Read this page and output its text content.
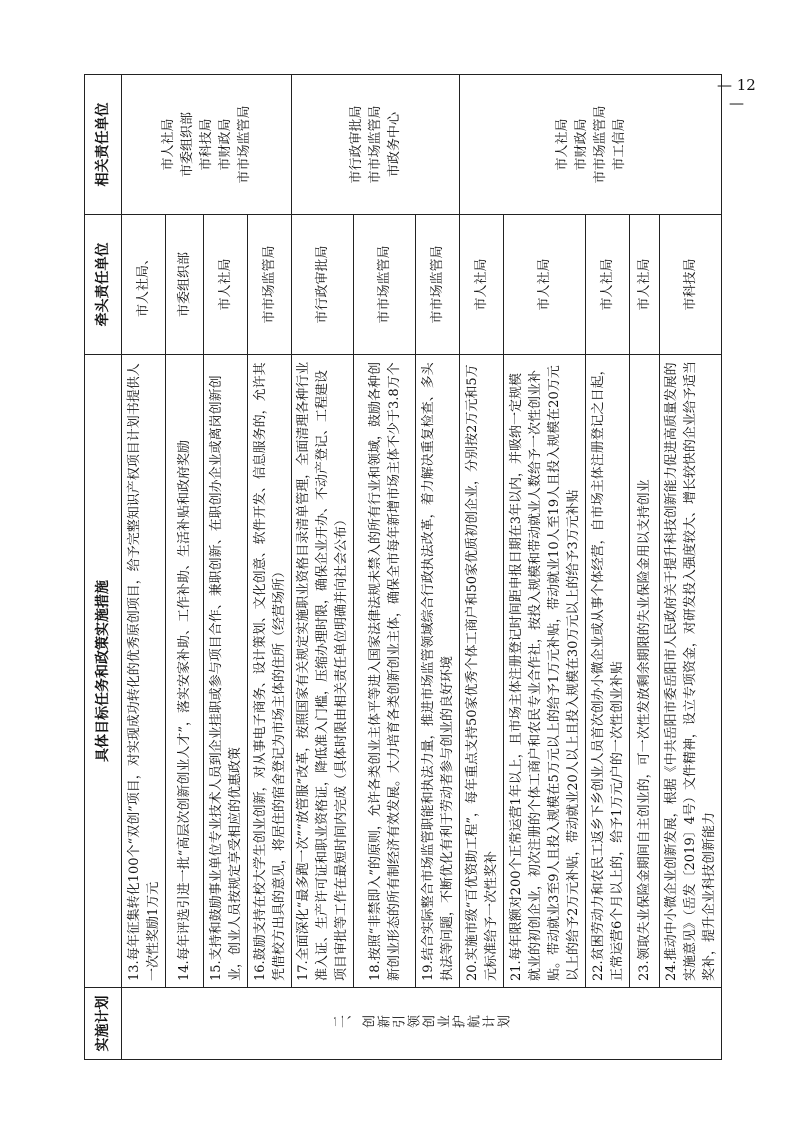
实施计划	具体目标任务和政策实施措施	牵头责任单位	相关责任单位
二、创新引领创业护航计划	13.每年征集转化100个“双创”项目，对实现成功转化的优秀原创项目，给予完整知识产权项目计划书提供人一次性奖励1万元	市人社局、	市人社局 市委组织部 市科技局 市财政局 市市场监管局

	14.每年评选引进一批“高层次创新创业人才”，落实安家补助、工作补助、生活补贴和政府奖励	市委组织部	
	15.支持和鼓励事业单位专业技术人员到企业挂职或参与项目合作、兼职创新、在职创办企业或离岗创新创业，创业人员按规定享受相应的优惠政策	市人社局	
	16.鼓励支持在校大学生创业创新，对从事电子商务、设计策划、文化创意、软件开发、信息服务的，允许其凭借校方出具的意见，将居住的宿舍登记为市场主体的住所（经营场所）	市市场监管局	
	17.全面深化“最多跑一次”“放管服”改革，按照国家有关规定实施职业资格目录清单管理，全面清理各种行业准入证、生产许可证和职业资格证，降低准入门槛，压缩办理时限，确保企业开办、不动产登记、工程建设项目审批等工作在最短时间内完成（具体时限由相关责任单位明确并向社会公布）	市行政审批局	市行政审批局 市市场监管局 市政务中心

	18.按照“非禁即入”的原则，允许各类创业主体平等进入国家法律法规未禁入的所有行业和领域，鼓励各种创新创业形态的所有制经济有效发展。大力培育各类创新创业主体，确保全市每年新增市场主体不少于3.8万个	市市场监管局	
	19.结合实际整合市场监管职能和执法力量，推进市场监管领域综合行政执法改革，着力解决重复检查、多头执法等问题，不断优化有利于劳动者参与创业的良好环境	市市场监管局	
	20.实施市级“百优资助工程”，每年重点支持50家优秀个体工商户和50家优质初创企业，分别按2万元和5万元标准给予一次性奖补	市人社局	市人社局 市财政局 市市场监管局 市工信局

	21.每年限额对200个正常运营1年以上，且市场主体注册登记时间距申报日期在3年以内，并吸纳一定规模就业的初创企业，初次注册的个体工商户和农民专业合作社，按投入规模和带动就业人数给予一次性创业补贴。带动就业3至9人且投入规模在5万元以上的给予1万元补贴，带动就业10人至19人且投入规模在20万元以上的给予2万元补贴，带动就业20人以上且投入规模在30万元以上的给予3万元补贴	市人社局	
	22.贫困劳动力和农民工返乡下乡创业人员首次创办小微企业或从事个体经营，自市场主体注册登记之日起，正常运营6个月以上的，给予1万元/户的一次性创业补贴	市人社局	
	23.领取失业保险金期间自主创业的，可一次性发放剩余期限的失业保险金用以支持创业	市人社局	
	24.推动中小微企业创新发展，根据《中共岳阳市委岳阳市人民政府关于提升科技创新能力促进高质量发展的实施意见》（岳发〔2019〕4号）文件精神，设立专项资金，对研发投入强度较大、增长较快的企业给予适当奖补，提升企业科技创新能力	市科技局	
— 12 —
